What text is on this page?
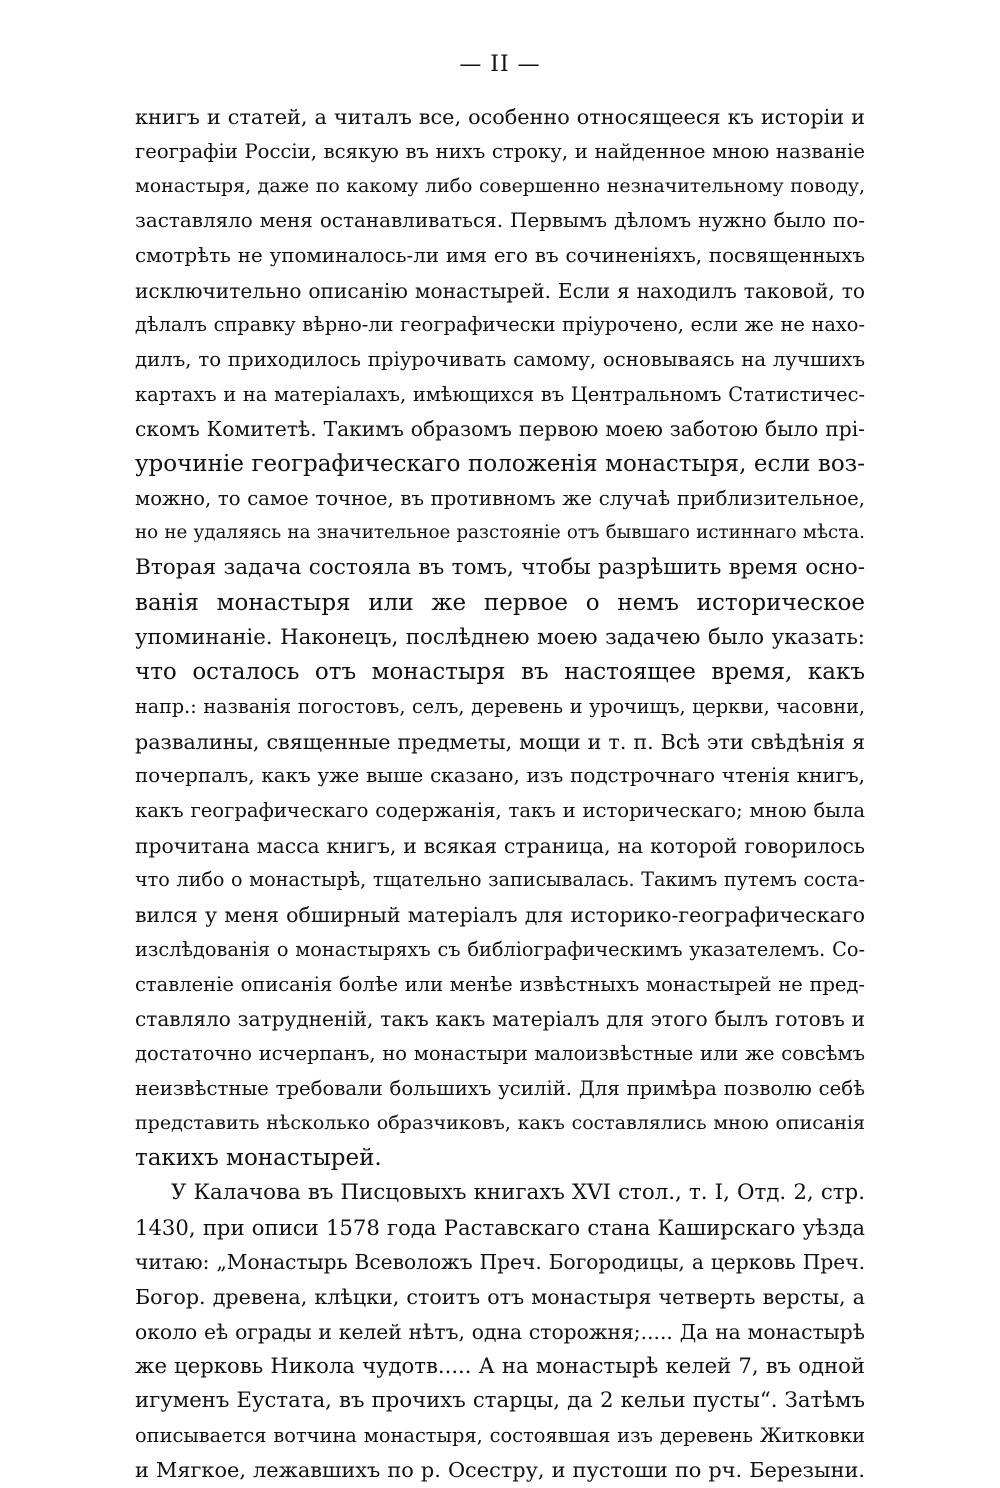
— II —

книгъ и статей, а читалъ все, особенно относящееся къ исторіи и
географіи Россіи, всякую въ нихъ строку, и найденное мною названіе
монастыря, даже по какому либо совершенно незначительному поводу,
заставляло меня останавливаться. Первымъ дѣломъ нужно было по-
смотрѣть не упоминалось-ли имя его въ сочиненіяхъ, посвященныхъ
исключительно описанію монастырей. Если я находилъ таковой, то
дѣлалъ справку вѣрно-ли географически пріурочено, если же не нахо-
дилъ, то приходилось пріурочивать самому, основываясь на лучшихъ
картахъ и на матеріалахъ, имѣющихся въ Центральномъ Статистичес-
скомъ Комитетѣ. Такимъ образомъ первою моею заботою было прі-
урочиніе географическаго положенія монастыря, если воз-
можно, то самое точное, въ противномъ же случаѣ приблизительное,
но не удаляясь на значительное разстояніе отъ бывшаго истиннаго мѣста.
Вторая задача состояла въ томъ, чтобы разрѣшить время осно-
ванія монастыря или же первое о немъ историческое
упоминаніе. Наконецъ, послѣднею моею задачею было указать:
что осталось отъ монастыря въ настоящее время, какъ
напр.: названія погостовъ, селъ, деревень и урочищъ, церкви, часовни,
развалины, священные предметы, мощи и т. п. Всѣ эти свѣдѣнія я
почерпалъ, какъ уже выше сказано, изъ подстрочнаго чтенія книгъ,
какъ географическаго содержанія, такъ и историческаго; мною была
прочитана масса книгъ, и всякая страница, на которой говорилось
что либо о монастырѣ, тщательно записывалась. Такимъ путемъ соста-
вился у меня обширный матеріалъ для историко-географическаго
изслѣдованія о монастыряхъ съ библіографическимъ указателемъ. Со-
ставленіе описанія болѣе или менѣе извѣстныхъ монастырей не пред-
ставляло затрудненій, такъ какъ матеріалъ для этого былъ готовъ и
достаточно исчерпанъ, но монастыри малоизвѣстные или же совсѣмъ
неизвѣстные требовали большихъ усилій. Для примѣра позволю себѣ
представить нѣсколько образчиковъ, какъ составлялись мною описанія
такихъ монастырей.

У Калачова въ Писцовыхъ книгахъ XVI стол., т. I, Отд. 2, стр.
1430, при описи 1578 года Раставскаго стана Каширскаго уѣзда
читаю: „Монастырь Всеволожъ Преч. Богородицы, а церковь Преч.
Богор. древена, клѣцки, стоитъ отъ монастыря четверть версты, а
около еѣ ограды и келей нѣтъ, одна сторожня;..... Да на монастырѣ
же церковь Никола чудотв..... А на монастырѣ келей 7, въ одной
игуменъ Еустата, въ прочихъ старцы, да 2 кельи пусты“. Затѣмъ
описывается вотчина монастыря, состоявшая изъ деревень Житковки
и Мягкое, лежавшихъ по р. Осестру, и пустоши по рч. Березыни.
